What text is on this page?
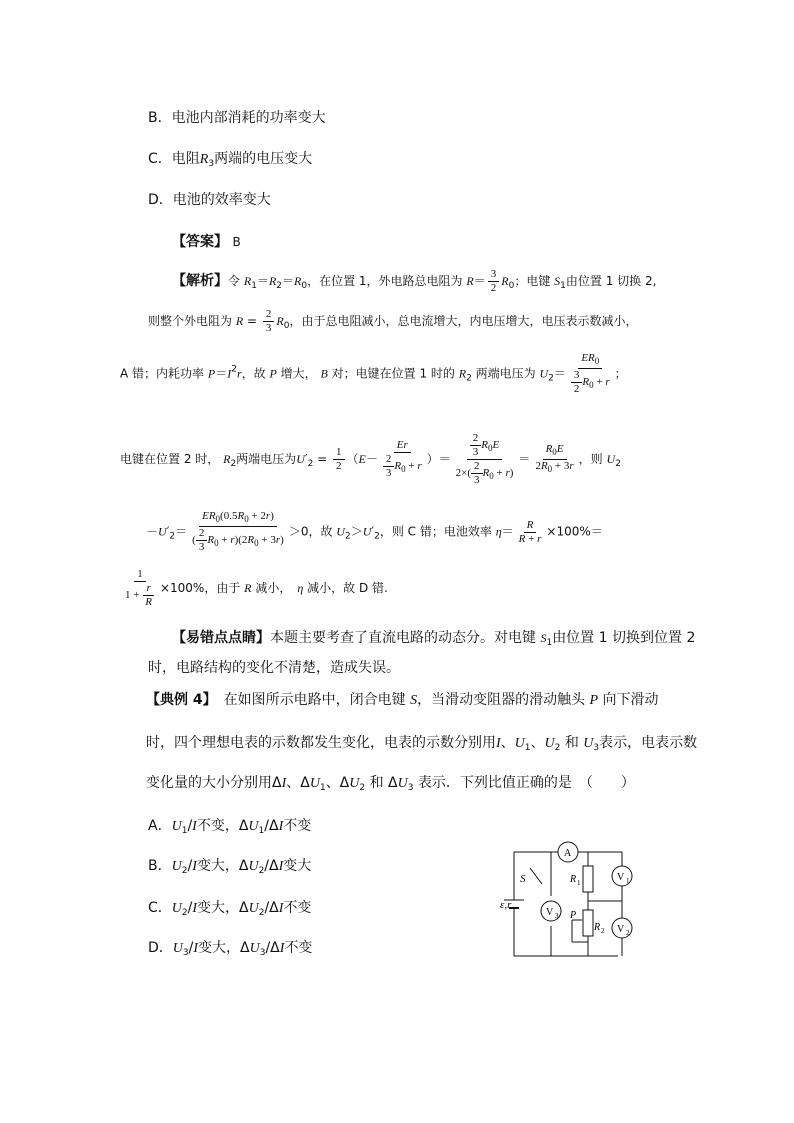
B．电池内部消耗的功率变大
C．电阻$R_3$两端的电压变大
D．电池的效率变大
【答案】 B
【解析】令 $R_1=R_2=R_0$，在位置 1，外电路总电阻为 $R= \frac{3}{2} R_0$；电键 $S_1$由位置 1 切换 2,
则整个外电阻为 $R = \frac{2}{3} R_0$，由于总电阻减小，总电流增大，内电压增大，电压表示数减小，
A 错；内耗功率 $P=I^2r$，故 P 增大， B 对；电键在位置 1 时的 $R_2$ 两端电压为 $U_2= \frac{ER_0}{\frac{3}{2} R_0 + r}$ ；
电键在位置 2 时， $R_2$两端电压为$U'_2 = \frac{1}{2} (E- \frac{Er}{\frac{2}{3} R_0 + r}$ ）＝ $\frac{\frac{2}{3} R_0E}{2\times( \frac{2}{3} R_0 + r)} = \frac{R_0E}{2R_0 + 3r}$ ，则 $U_2$
$-U'_2= \frac{ER_0(0.5R_0 + 2r)}{( \frac{2}{3} R_0 + r)(2R_0 + 3r)} >0$，故 $U_2>U'_2$，则 C 错；电池效率 $\eta= \frac{R}{R + r} \times 100\%=$
$\frac{1}{1 + \frac{r}{R}} \times 100\%$，由于 R 减小，　 η 减小，故 D 错.
【易错点点睛】本题主要考查了直流电路的动态分。对电键 $S_1$由位置 1 切换到位置 2
时，电路结构的变化不清楚，造成失误。
【典例 4】　 在如图所示电路中，闭合电键 S，当滑动变阻器的滑动触头 P 向下滑动
时，四个理想电表的示数都发生变化，电表的示数分别用I、$U_1$、$U_2$ 和 $U_3$表示，电表示数
变化量的大小分别用ΔI、$\Delta U_1$、$\Delta U_2$ 和 $\Delta U_3$ 表示．下列比值正确的是　 （　　）
A．$U_1/I$不变，$\Delta U_1/\Delta I$不变
B．$U_2/I$变大，$\Delta U_2/\Delta I$变大
C．$U_2/I$变大，$\Delta U_2/\Delta I$不变
D．$U_3/I$变大，$\Delta U_3/\Delta I$不变
ε,r
S
A
V 1
V 2
V 3
R 1
R 2
P
